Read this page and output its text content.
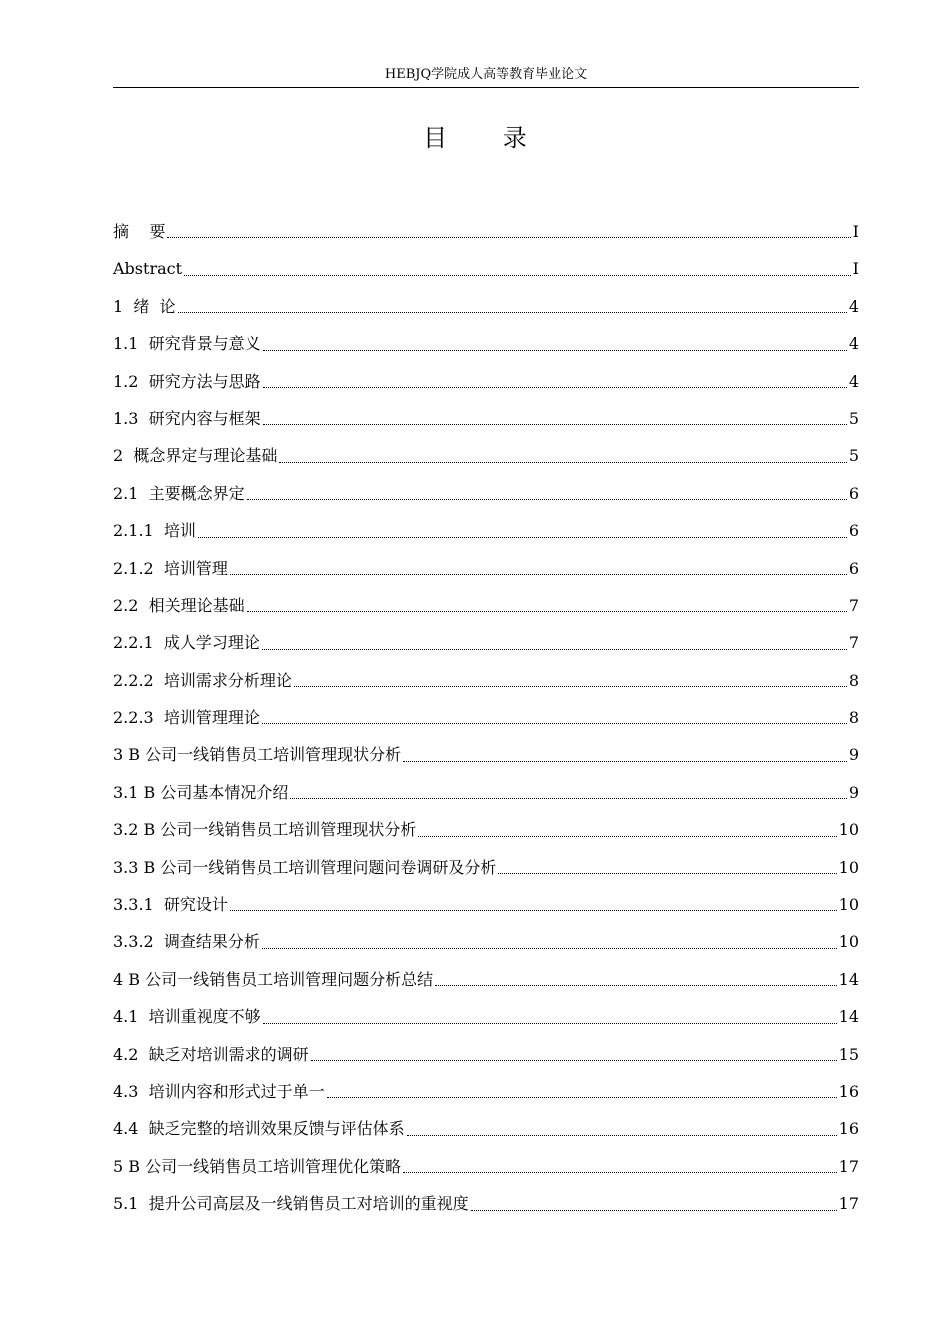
HEBJQ学院成人高等教育毕业论文
目 录
摘    要	I
Abstract	I
1  绪  论	4
1.1  研究背景与意义	4
1.2  研究方法与思路	4
1.3  研究内容与框架	5
2  概念界定与理论基础	5
2.1  主要概念界定	6
2.1.1  培训	6
2.1.2  培训管理	6
2.2  相关理论基础	7
2.2.1  成人学习理论	7
2.2.2  培训需求分析理论	8
2.2.3  培训管理理论	8
3 B 公司一线销售员工培训管理现状分析	9
3.1 B 公司基本情况介绍	9
3.2 B 公司一线销售员工培训管理现状分析	10
3.3 B 公司一线销售员工培训管理问题问卷调研及分析	10
3.3.1  研究设计	10
3.3.2  调查结果分析	10
4 B 公司一线销售员工培训管理问题分析总结	14
4.1  培训重视度不够	14
4.2  缺乏对培训需求的调研	15
4.3  培训内容和形式过于单一	16
4.4  缺乏完整的培训效果反馈与评估体系	16
5 B 公司一线销售员工培训管理优化策略	17
5.1  提升公司高层及一线销售员工对培训的重视度	17
